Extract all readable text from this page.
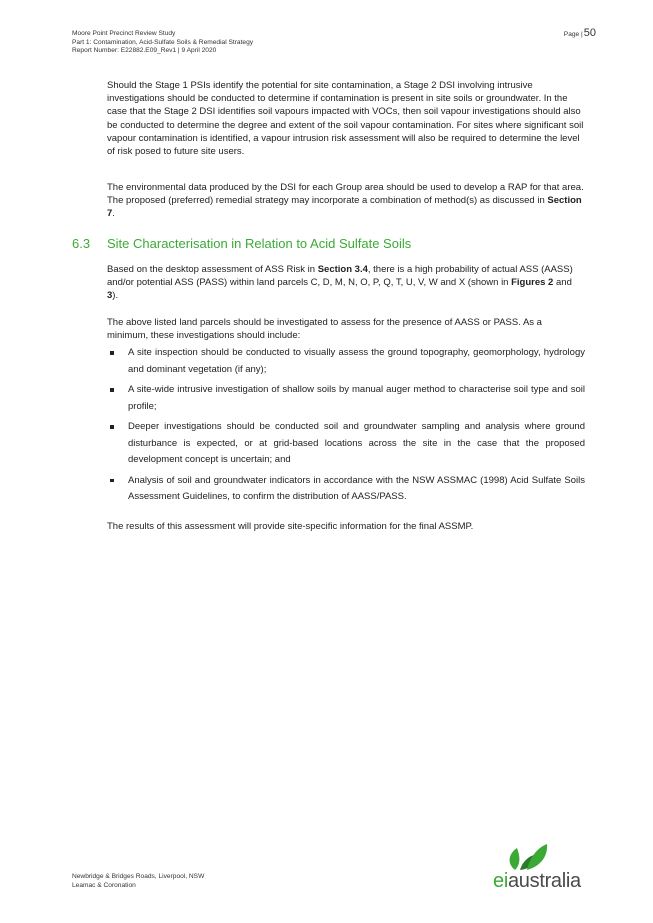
Moore Point Precinct Review Study
Part 1: Contamination, Acid-Sulfate Soils & Remedial Strategy
Report Number: E22882.E09_Rev1 | 9 April 2020
Page |50
Should the Stage 1 PSIs identify the potential for site contamination, a Stage 2 DSI involving intrusive investigations should be conducted to determine if contamination is present in site soils or groundwater. In the case that the Stage 2 DSI identifies soil vapours impacted with VOCs, then soil vapour investigations should also be conducted to determine the degree and extent of the soil vapour contamination. For sites where significant soil vapour contamination is identified, a vapour intrusion risk assessment will also be required to determine the level of risk posed to future site users.
The environmental data produced by the DSI for each Group area should be used to develop a RAP for that area. The proposed (preferred) remedial strategy may incorporate a combination of method(s) as discussed in Section 7.
6.3 Site Characterisation in Relation to Acid Sulfate Soils
Based on the desktop assessment of ASS Risk in Section 3.4, there is a high probability of actual ASS (AASS) and/or potential ASS (PASS) within land parcels C, D, M, N, O, P, Q, T, U, V, W and X (shown in Figures 2 and 3).
The above listed land parcels should be investigated to assess for the presence of AASS or PASS. As a minimum, these investigations should include:
A site inspection should be conducted to visually assess the ground topography, geomorphology, hydrology and dominant vegetation (if any);
A site-wide intrusive investigation of shallow soils by manual auger method to characterise soil type and soil profile;
Deeper investigations should be conducted soil and groundwater sampling and analysis where ground disturbance is expected, or at grid-based locations across the site in the case that the proposed development concept is uncertain; and
Analysis of soil and groundwater indicators in accordance with the NSW ASSMAC (1998) Acid Sulfate Soils Assessment Guidelines, to confirm the distribution of AASS/PASS.
The results of this assessment will provide site-specific information for the final ASSMP.
Newbridge & Bridges Roads, Liverpool, NSW
Leamac & Coronation	eiaustralia
